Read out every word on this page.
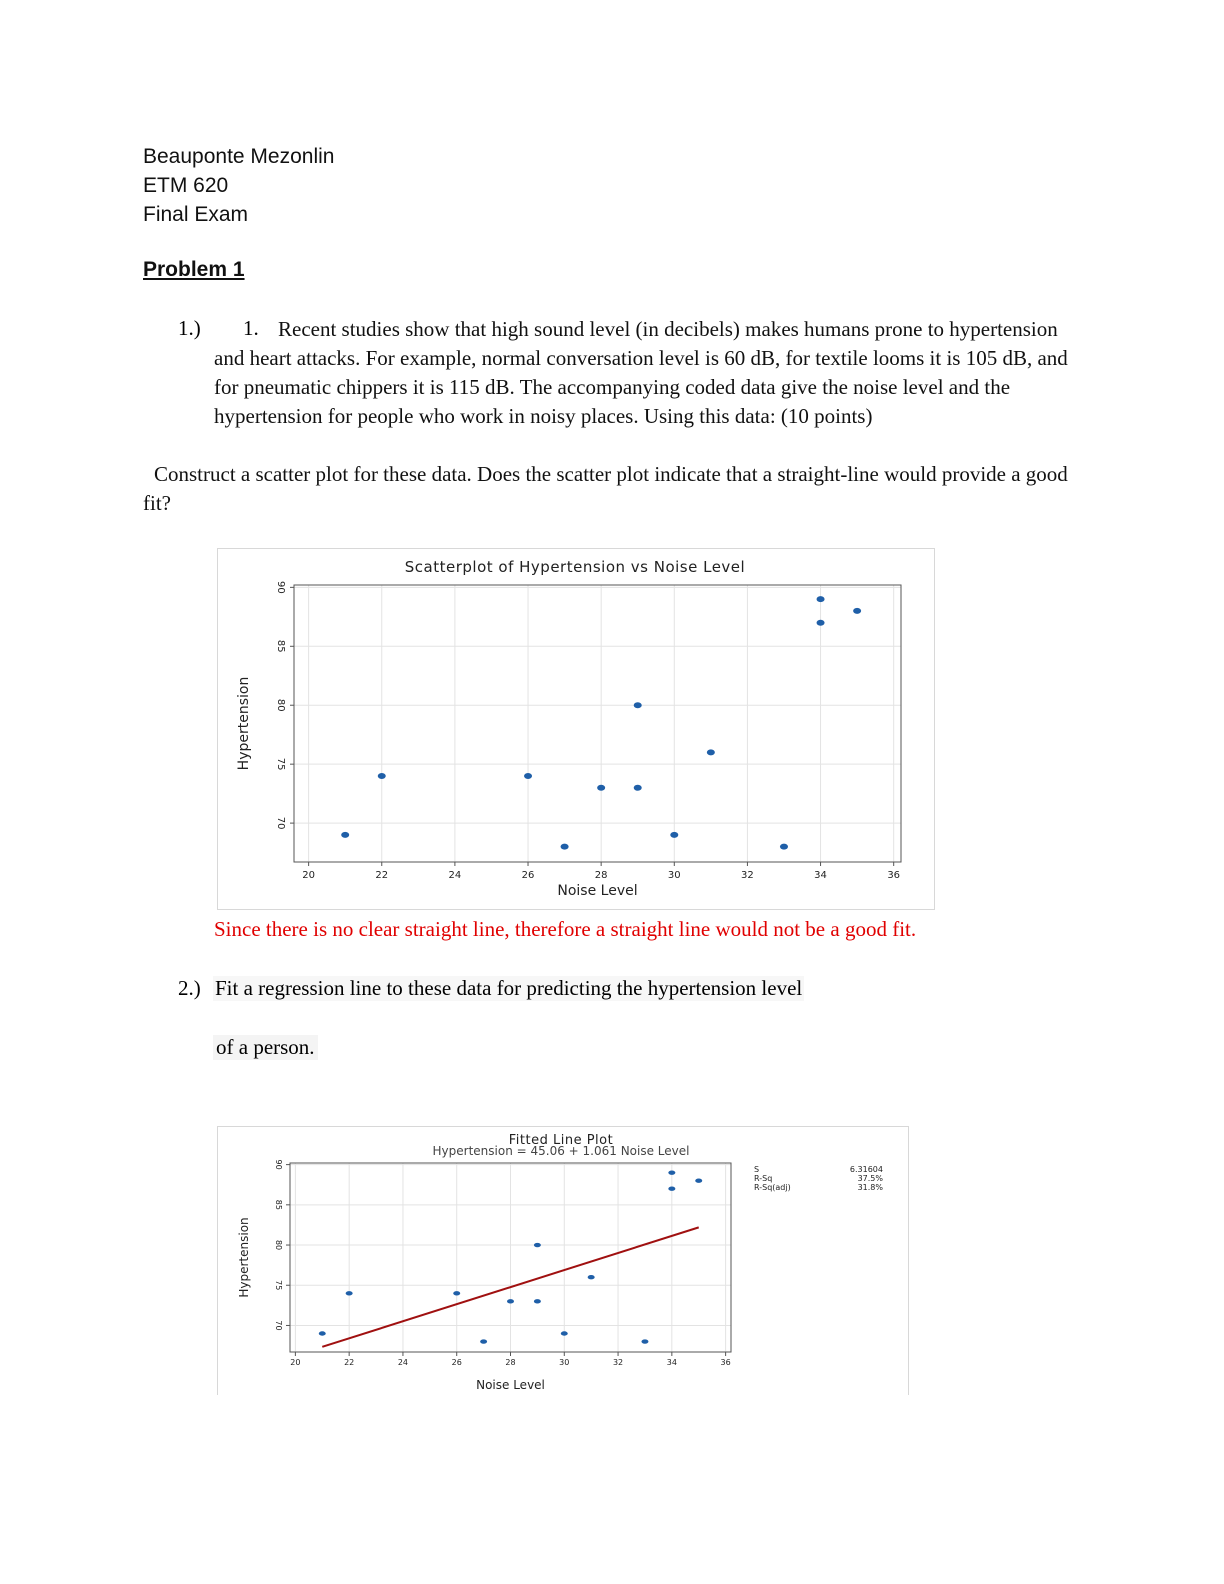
Beauponte Mezonlin
ETM 620
Final Exam
Problem 1
1.) 1. Recent studies show that high sound level (in decibels) makes humans prone to hypertension and heart attacks. For example, normal conversation level is 60 dB, for textile looms it is 105 dB, and for pneumatic chippers it is 115 dB. The accompanying coded data give the noise level and the hypertension for people who work in noisy places. Using this data: (10 points)
Construct a scatter plot for these data. Does the scatter plot indicate that a straight-line would provide a good fit?
20	22	24	26	28	30	32	34	36
70
75
80
85
90
Noise Level
Hypertension
Scatterplot of Hypertension vs Noise Level
Since there is no clear straight line, therefore a straight line would not be a good fit.
2.) Fit a regression line to these data for predicting the hypertension level
of a person.
20	22	24	26	28	30	32	34	36
70
75
80
85
90
Noise Level
Hypertension
Fitted Line Plot
Hypertension = 45.06 + 1.061 Noise Level
S	6.31604
R-Sq	37.5%
R-Sq(adj)	31.8%
